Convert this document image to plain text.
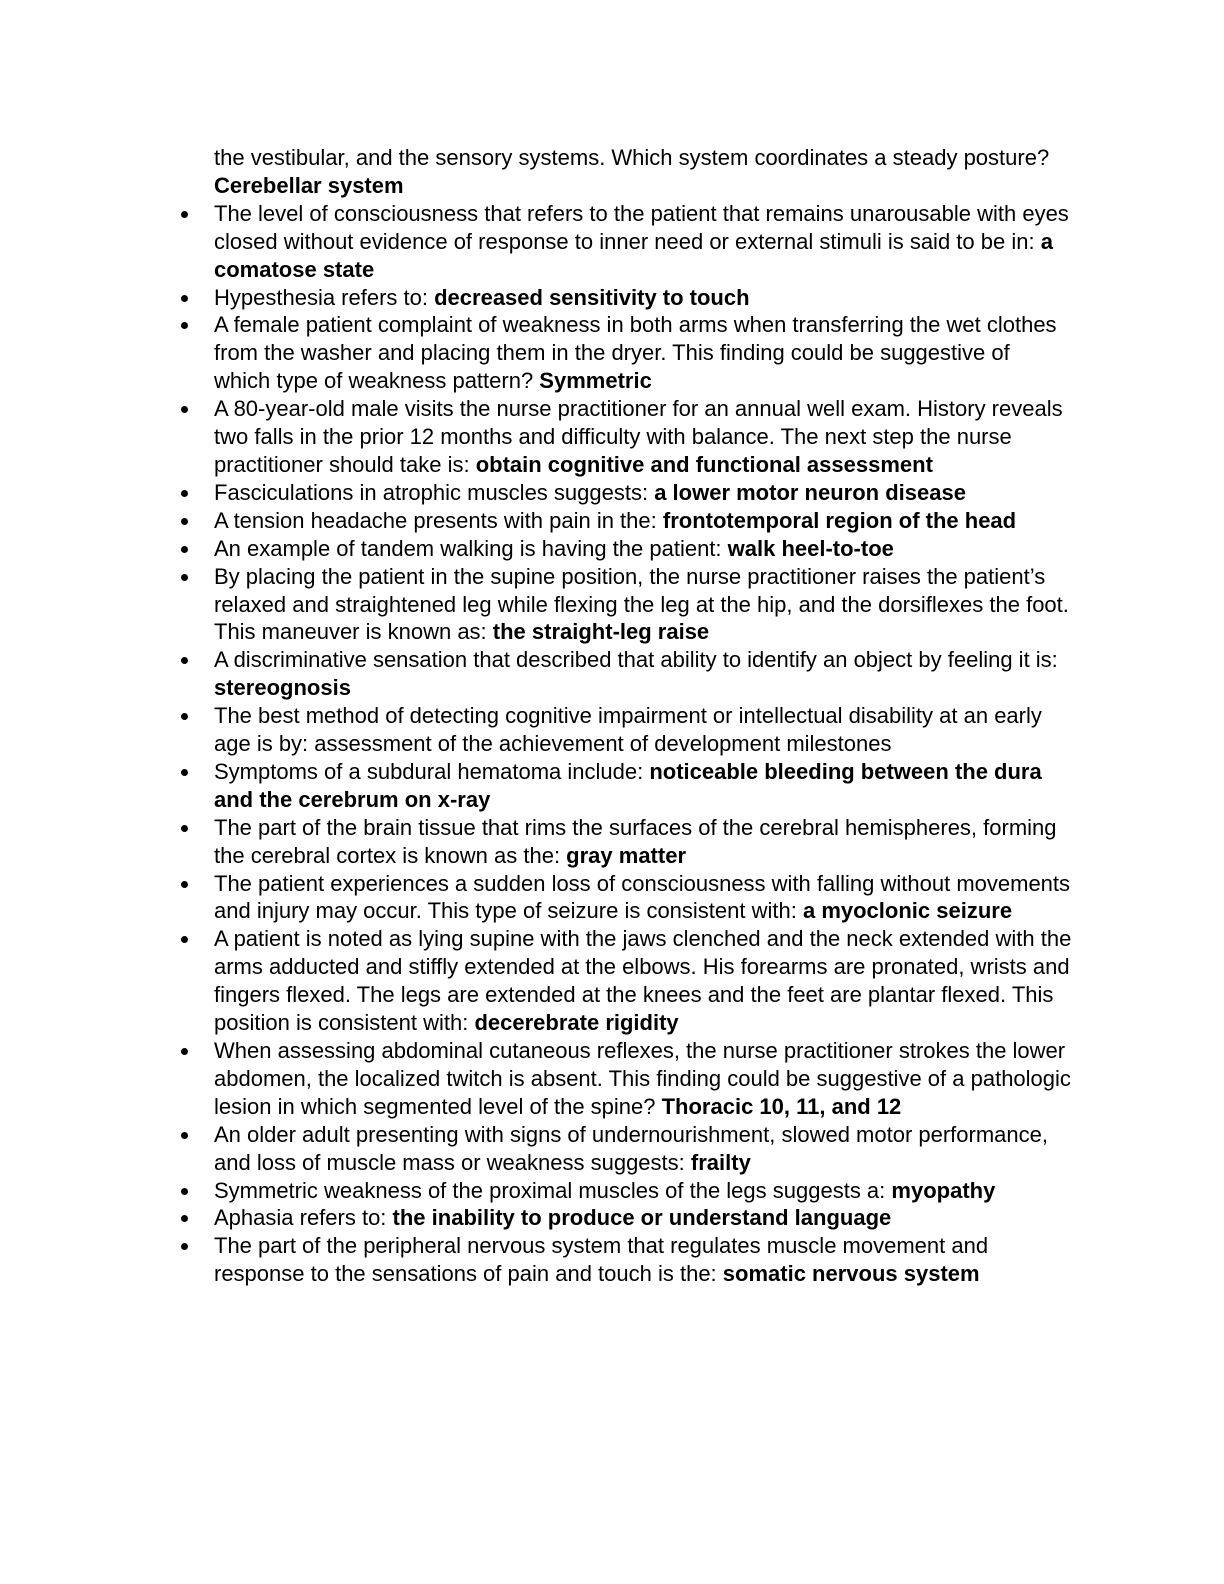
the vestibular, and the sensory systems. Which system coordinates a steady posture? Cerebellar system

The level of consciousness that refers to the patient that remains unarousable with eyes closed without evidence of response to inner need or external stimuli is said to be in: a comatose state
Hypesthesia refers to: decreased sensitivity to touch
A female patient complaint of weakness in both arms when transferring the wet clothes from the washer and placing them in the dryer. This finding could be suggestive of which type of weakness pattern? Symmetric
A 80-year-old male visits the nurse practitioner for an annual well exam. History reveals two falls in the prior 12 months and difficulty with balance. The next step the nurse practitioner should take is: obtain cognitive and functional assessment
Fasciculations in atrophic muscles suggests: a lower motor neuron disease
A tension headache presents with pain in the: frontotemporal region of the head
An example of tandem walking is having the patient: walk heel-to-toe
By placing the patient in the supine position, the nurse practitioner raises the patient’s relaxed and straightened leg while flexing the leg at the hip, and the dorsiflexes the foot. This maneuver is known as: the straight-leg raise
A discriminative sensation that described that ability to identify an object by feeling it is: stereognosis
The best method of detecting cognitive impairment or intellectual disability at an early age is by: assessment of the achievement of development milestones
Symptoms of a subdural hematoma include: noticeable bleeding between the dura and the cerebrum on x-ray
The part of the brain tissue that rims the surfaces of the cerebral hemispheres, forming the cerebral cortex is known as the: gray matter
The patient experiences a sudden loss of consciousness with falling without movements and injury may occur. This type of seizure is consistent with: a myoclonic seizure
A patient is noted as lying supine with the jaws clenched and the neck extended with the arms adducted and stiffly extended at the elbows. His forearms are pronated, wrists and fingers flexed. The legs are extended at the knees and the feet are plantar flexed. This position is consistent with: decerebrate rigidity
When assessing abdominal cutaneous reflexes, the nurse practitioner strokes the lower abdomen, the localized twitch is absent. This finding could be suggestive of a pathologic lesion in which segmented level of the spine? Thoracic 10, 11, and 12
An older adult presenting with signs of undernourishment, slowed motor performance, and loss of muscle mass or weakness suggests: frailty
Symmetric weakness of the proximal muscles of the legs suggests a: myopathy
Aphasia refers to: the inability to produce or understand language
The part of the peripheral nervous system that regulates muscle movement and response to the sensations of pain and touch is the: somatic nervous system
